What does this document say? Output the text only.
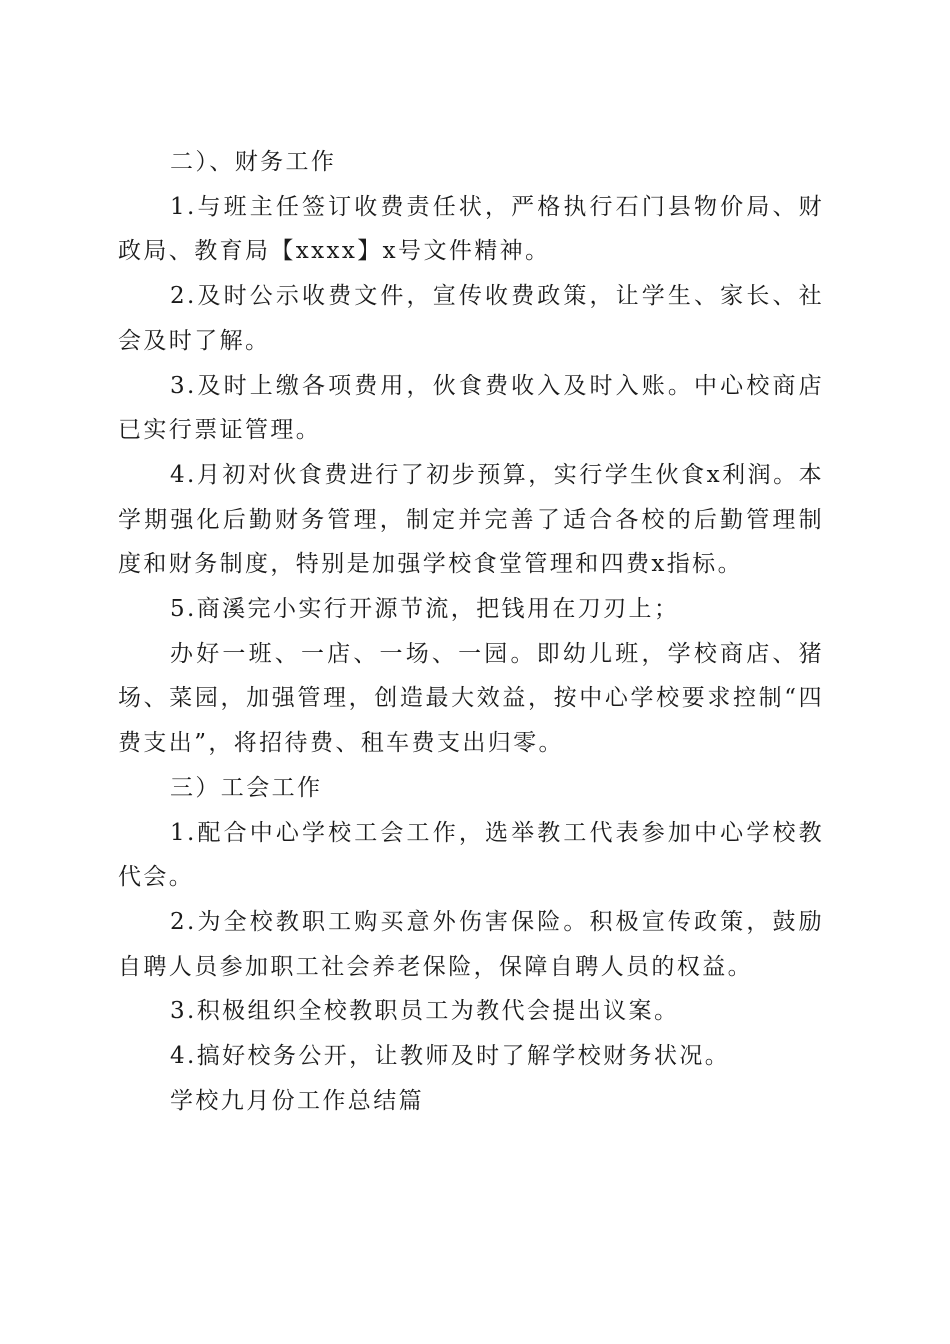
二）、财务工作

1.与班主任签订收费责任状，严格执行石门县物价局、财政局、教育局【xxxx】x号文件精神。

2.及时公示收费文件，宣传收费政策，让学生、家长、社会及时了解。

3.及时上缴各项费用，伙食费收入及时入账。中心校商店已实行票证管理。

4.月初对伙食费进行了初步预算，实行学生伙食x利润。本学期强化后勤财务管理，制定并完善了适合各校的后勤管理制度和财务制度，特别是加强学校食堂管理和四费x指标。

5.商溪完小实行开源节流，把钱用在刀刃上；

办好一班、一店、一场、一园。即幼儿班，学校商店、猪场、菜园，加强管理，创造最大效益，按中心学校要求控制“四费支出”，将招待费、租车费支出归零。

三）工会工作

1.配合中心学校工会工作，选举教工代表参加中心学校教代会。

2.为全校教职工购买意外伤害保险。积极宣传政策，鼓励自聘人员参加职工社会养老保险，保障自聘人员的权益。

3.积极组织全校教职员工为教代会提出议案。

4.搞好校务公开，让教师及时了解学校财务状况。

学校九月份工作总结篇
